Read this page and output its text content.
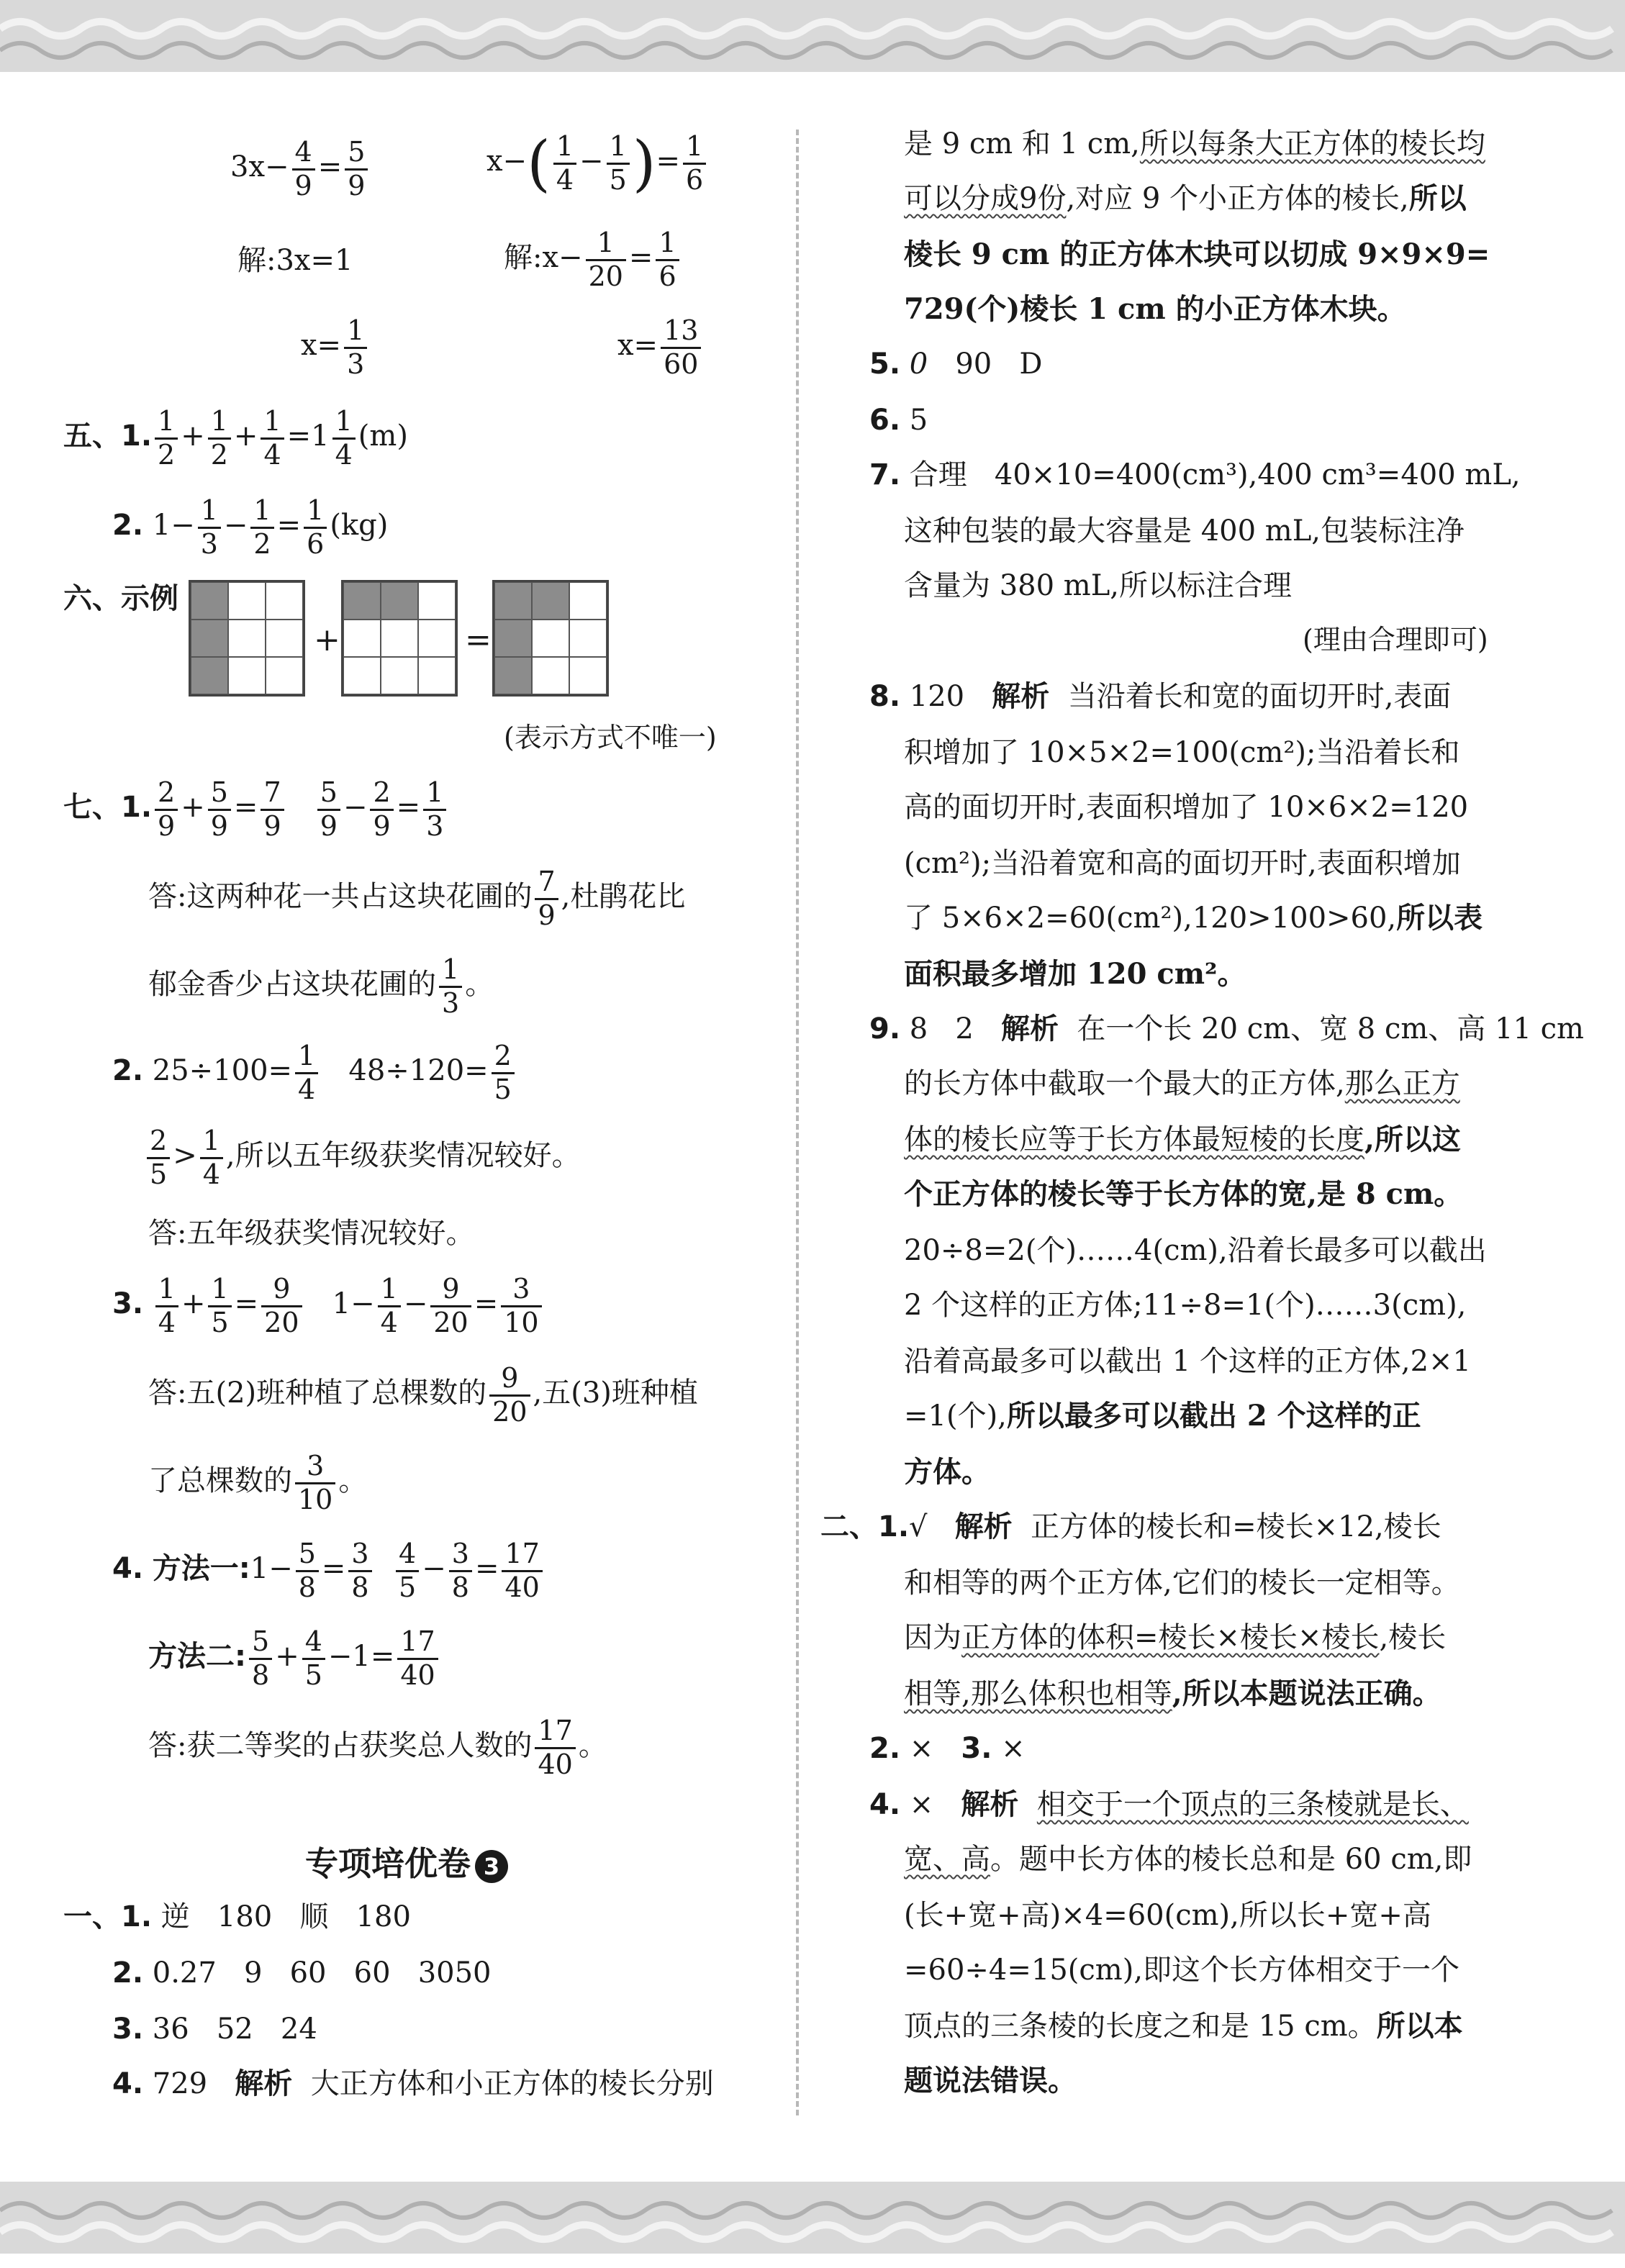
$3x- \frac{4}{9} = \frac{5}{9}$	$x-( \frac{1}{4} - \frac{1}{5}$ )= $\frac{1}{6}$
解:3x=1	解:x− $\frac{1}{20} = \frac{1}{6}$
$x= \frac{1}{3}$	$x= \frac{13}{60}$
五、1. $\frac{1}{2} + \frac{1}{2} + \frac{1}{4} =1 \frac{1}{4} (m)$
2. $1- \frac{1}{3} - \frac{1}{2} = \frac{1}{6} (kg)$
六、示例
+	=
(表示方式不唯一)
七、1. $\frac{2}{9} + \frac{5}{9} = \frac{7}{9}$
$\frac{5}{9} - \frac{2}{9} = \frac{1}{3}$
答:这两种花一共占这块花圃的 $\frac{7}{9}$ ,杜鹃花比
郁金香少占这块花圃的 $\frac{1}{3}$ 。
2. $25\div 100= \frac{1}{4} 48\div 120= \frac{2}{5}$
$\frac{2}{5} > \frac{1}{4}$ ,所以五年级获奖情况较好。
答:五年级获奖情况较好。
3. $\frac{1}{4} + \frac{1}{5} = \frac{9}{20} 1- \frac{1}{4} - \frac{9}{20} = \frac{3}{10}$
答:五(2)班种植了总棵数的 $\frac{9}{20}$ ,五(3)班种植
了总棵数的 $\frac{3}{10}$ 。
4. 方法一:1− $\frac{5}{8} = \frac{3}{8}$
$\frac{4}{5} - \frac{3}{8} = \frac{17}{40}$
方法二: $\frac{5}{8} + \frac{4}{5} -1= \frac{17}{40}$
答:获二等奖的占获奖总人数的 $\frac{17}{40}$ 。
专项培优卷 3
一、1. 逆 180 顺 180
2. 0.27 9 60 60 3050
3. 36 52 24
4. 729 解析 大正方体和小正方体的棱长分别
是 9 cm 和 1 cm,所以每条大正方体的棱长均
可以分成9份,对应 9 个小正方体的棱长,所以
棱长 9 cm 的正方体木块可以切成 9×9×9=
729(个)棱长 1 cm 的小正方体木块。
5. 0 90 D
6. 5
7. 合理 40×10=400(cm³),400 cm³=400 mL,
这种包装的最大容量是 400 mL,包装标注净
含量为 380 mL,所以标注合理
(理由合理即可)
8. 120 解析 当沿着长和宽的面切开时,表面
积增加了 10×5×2=100(cm²);当沿着长和
高的面切开时,表面积增加了 10×6×2=120
(cm²);当沿着宽和高的面切开时,表面积增加
了 5×6×2=60(cm²),120>100>60,所以表
面积最多增加 120 cm²。
9. 8 2 解析 在一个长 20 cm、宽 8 cm、高 11 cm
的长方体中截取一个最大的正方体,那么正方
体的棱长应等于长方体最短棱的长度,所以这
个正方体的棱长等于长方体的宽,是 8 cm。
20÷8=2(个)……4(cm),沿着长最多可以截出
2 个这样的正方体;11÷8=1(个)……3(cm),
沿着高最多可以截出 1 个这样的正方体,2×1
=1(个),所以最多可以截出 2 个这样的正
方体。
二、1.√ 解析 正方体的棱长和=棱长×12,棱长
和相等的两个正方体,它们的棱长一定相等。
因为正方体的体积=棱长×棱长×棱长,棱长
相等,那么体积也相等,所以本题说法正确。
2. × 3. ×
4. × 解析 相交于一个顶点的三条棱就是长、
宽、高。题中长方体的棱长总和是 60 cm,即
(长+宽+高)×4=60(cm),所以长+宽+高
=60÷4=15(cm),即这个长方体相交于一个
顶点的三条棱的长度之和是 15 cm。所以本
题说法错误。
